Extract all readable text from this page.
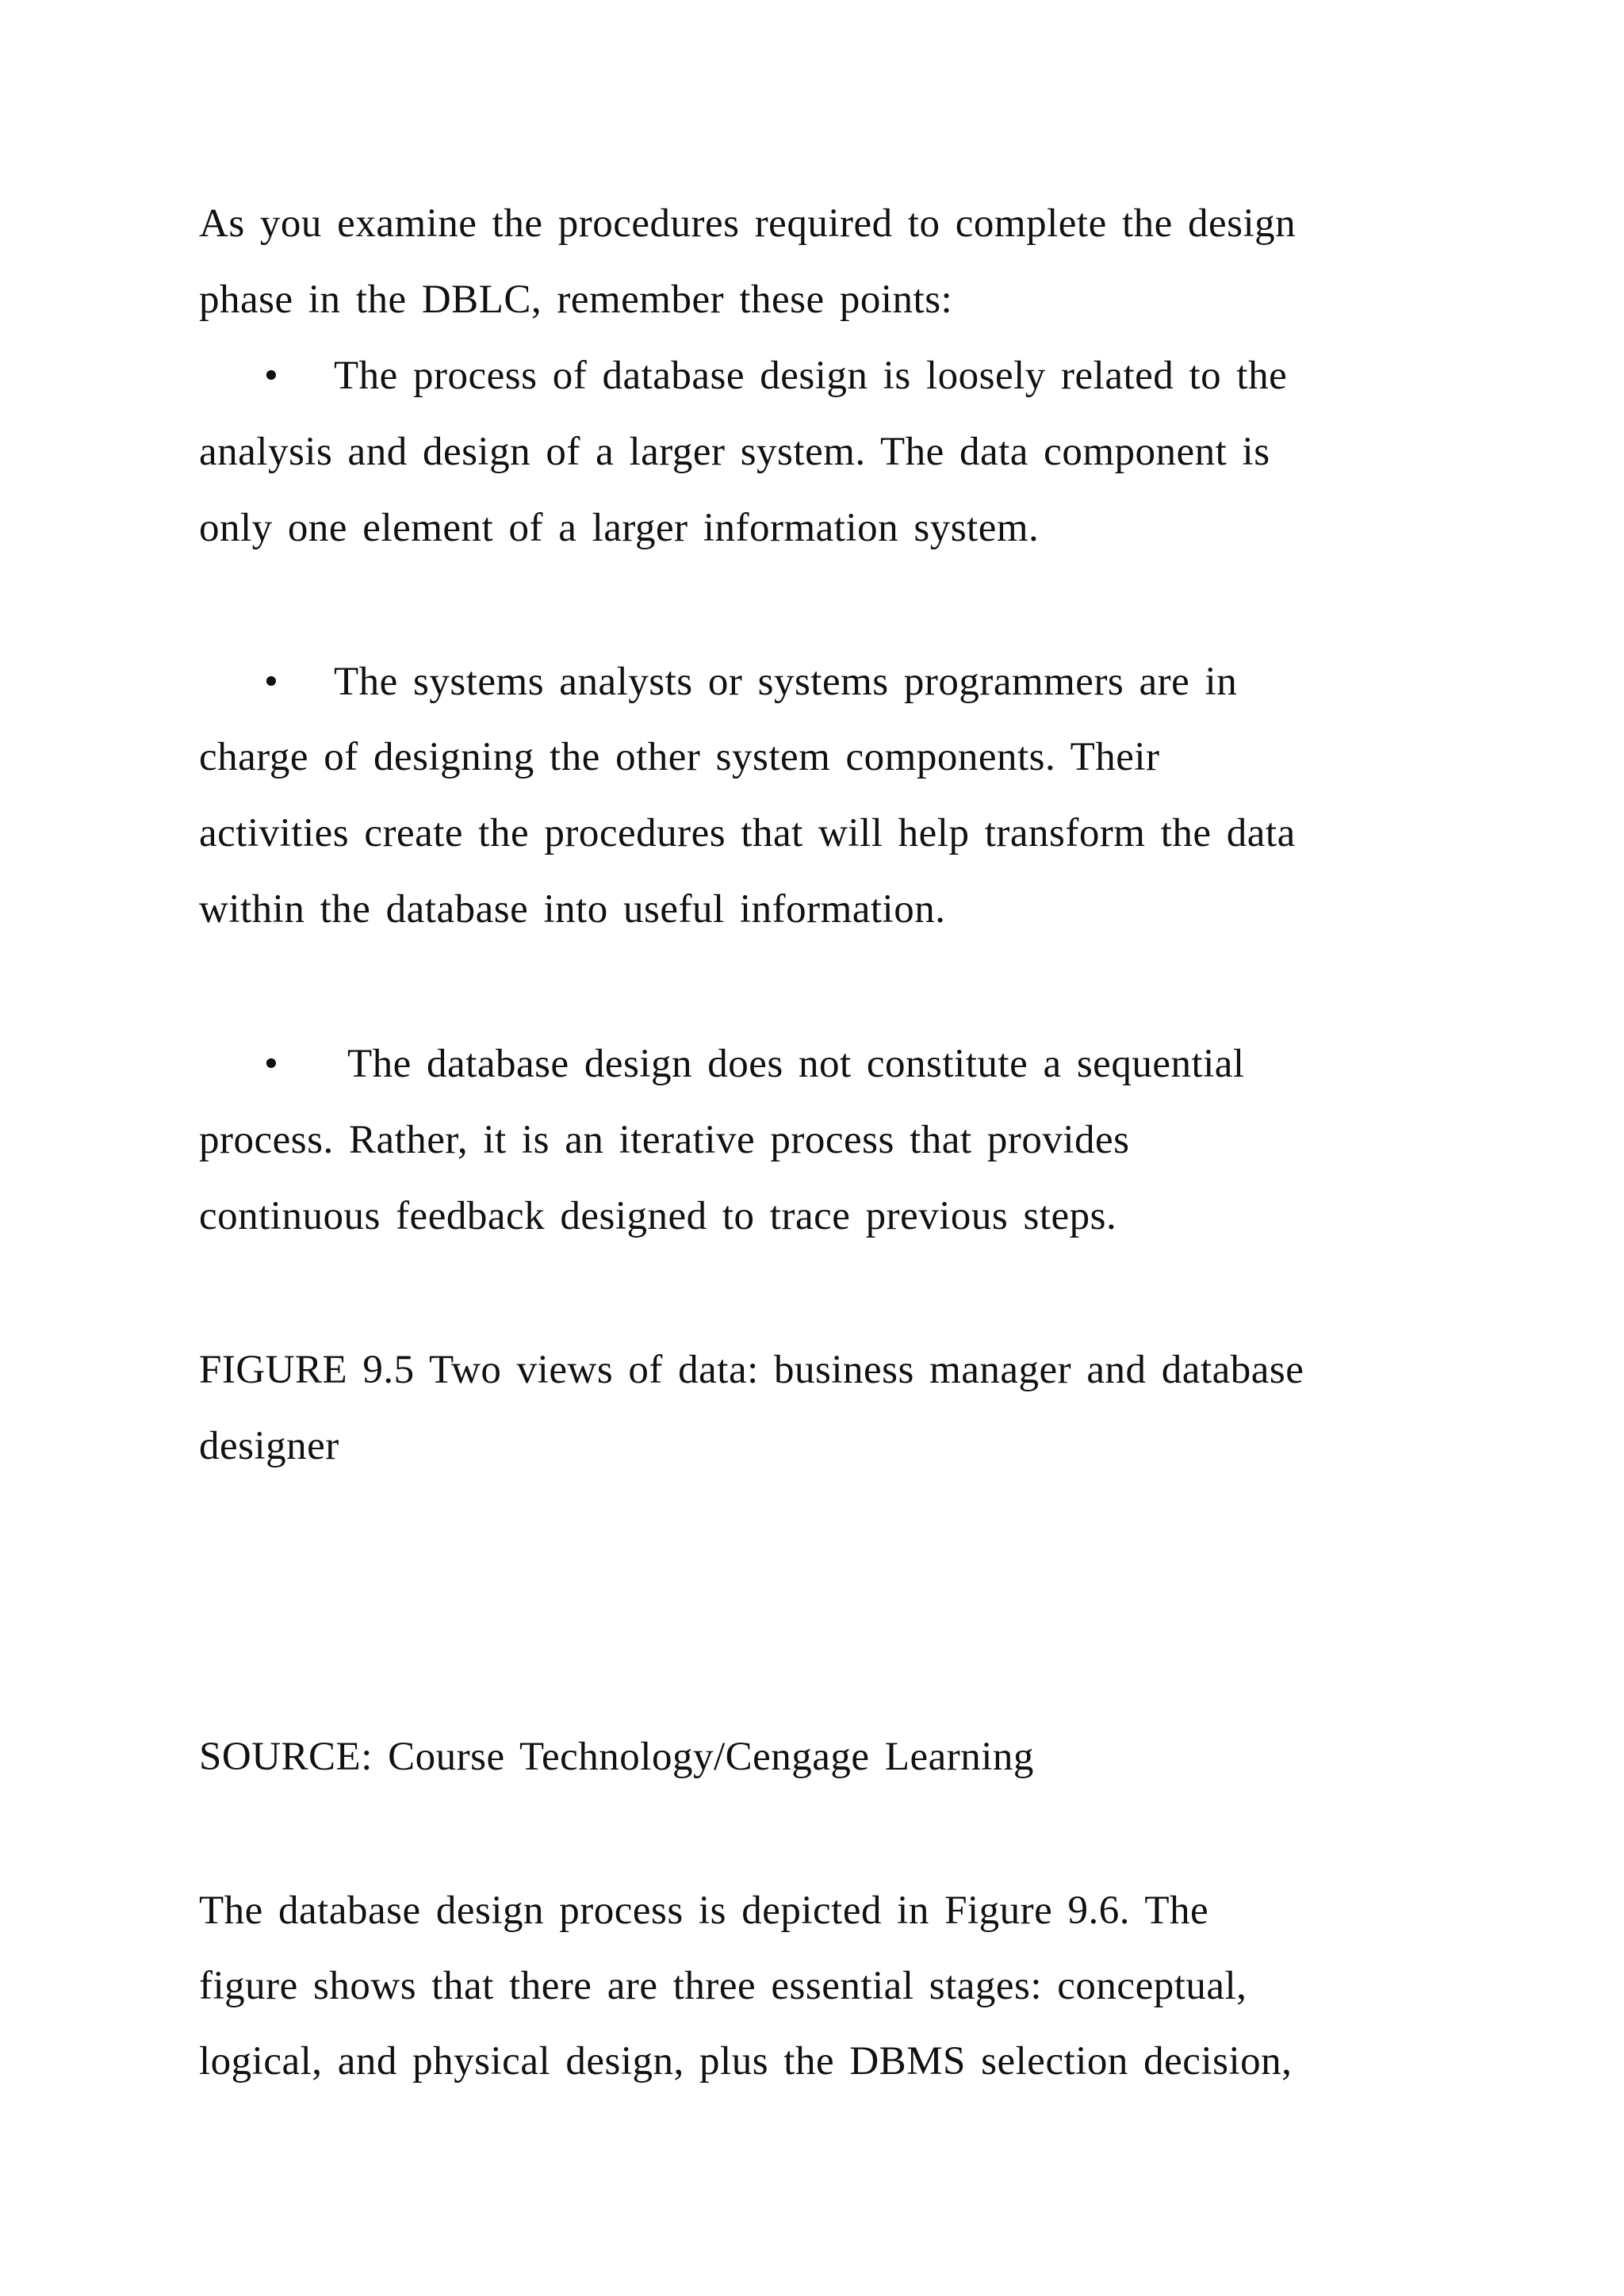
As you examine the procedures required to complete the design

phase in the DBLC, remember these points:

• The process of database design is loosely related to the

analysis and design of a larger system. The data component is

only one element of a larger information system.

• The systems analysts or systems programmers are in

charge of designing the other system components. Their

activities create the procedures that will help transform the data

within the database into useful information.

• The database design does not constitute a sequential

process. Rather, it is an iterative process that provides

continuous feedback designed to trace previous steps.

FIGURE 9.5 Two views of data: business manager and database

designer

SOURCE: Course Technology/Cengage Learning

The database design process is depicted in Figure 9.6. The

figure shows that there are three essential stages: conceptual,

logical, and physical design, plus the DBMS selection decision,
